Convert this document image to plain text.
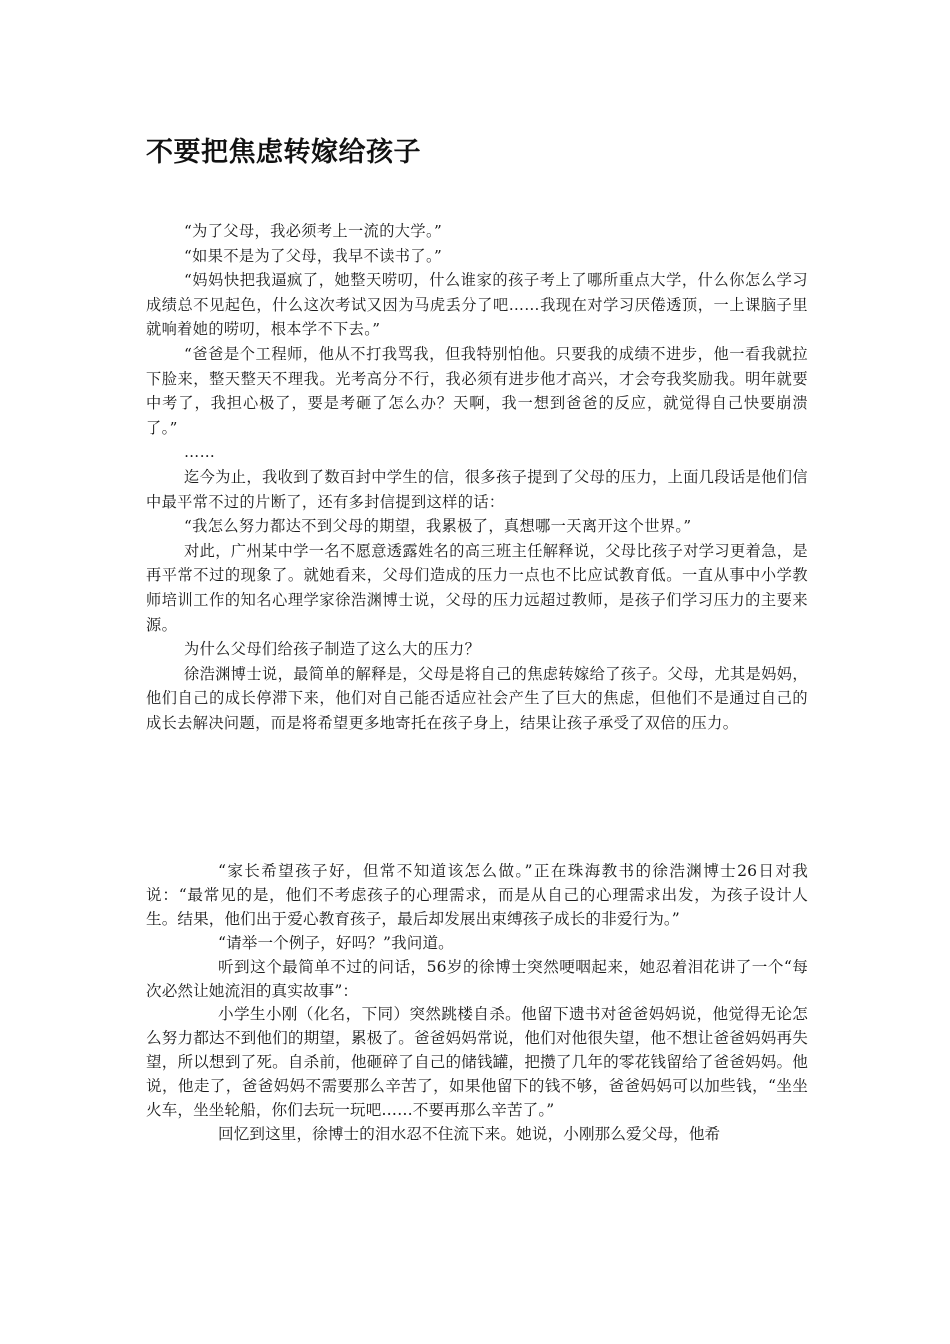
不要把焦虑转嫁给孩子

“为了父母，我必须考上一流的大学。”

“如果不是为了父母，我早不读书了。”

“妈妈快把我逼疯了，她整天唠叨，什么谁家的孩子考上了哪所重点大学，什么你怎么学习成绩总不见起色，什么这次考试又因为马虎丢分了吧……我现在对学习厌倦透顶，一上课脑子里就响着她的唠叨，根本学不下去。”

“爸爸是个工程师，他从不打我骂我，但我特别怕他。只要我的成绩不进步，他一看我就拉下脸来，整天整天不理我。光考高分不行，我必须有进步他才高兴，才会夸我奖励我。明年就要中考了，我担心极了，要是考砸了怎么办？天啊，我一想到爸爸的反应，就觉得自己快要崩溃了。”

……

迄今为止，我收到了数百封中学生的信，很多孩子提到了父母的压力，上面几段话是他们信中最平常不过的片断了，还有多封信提到这样的话：

“我怎么努力都达不到父母的期望，我累极了，真想哪一天离开这个世界。”

对此，广州某中学一名不愿意透露姓名的高三班主任解释说，父母比孩子对学习更着急，是再平常不过的现象了。就她看来，父母们造成的压力一点也不比应试教育低。一直从事中小学教师培训工作的知名心理学家徐浩渊博士说，父母的压力远超过教师，是孩子们学习压力的主要来源。

为什么父母们给孩子制造了这么大的压力？

徐浩渊博士说，最简单的解释是，父母是将自己的焦虑转嫁给了孩子。父母，尤其是妈妈，他们自己的成长停滞下来，他们对自己能否适应社会产生了巨大的焦虑，但他们不是通过自己的成长去解决问题，而是将希望更多地寄托在孩子身上，结果让孩子承受了双倍的压力。

“家长希望孩子好，但常不知道该怎么做。”正在珠海教书的徐浩渊博士26日对我说：“最常见的是，他们不考虑孩子的心理需求，而是从自己的心理需求出发，为孩子设计人生。结果，他们出于爱心教育孩子，最后却发展出束缚孩子成长的非爱行为。”

“请举一个例子，好吗？”我问道。

听到这个最简单不过的问话，56岁的徐博士突然哽咽起来，她忍着泪花讲了一个“每次必然让她流泪的真实故事”：

小学生小刚（化名，下同）突然跳楼自杀。他留下遗书对爸爸妈妈说，他觉得无论怎么努力都达不到他们的期望，累极了。爸爸妈妈常说，他们对他很失望，他不想让爸爸妈妈再失望，所以想到了死。自杀前，他砸碎了自己的储钱罐，把攒了几年的零花钱留给了爸爸妈妈。他说，他走了，爸爸妈妈不需要那么辛苦了，如果他留下的钱不够，爸爸妈妈可以加些钱，“坐坐火车，坐坐轮船，你们去玩一玩吧……不要再那么辛苦了。”

回忆到这里，徐博士的泪水忍不住流下来。她说，小刚那么爱父母，他希
